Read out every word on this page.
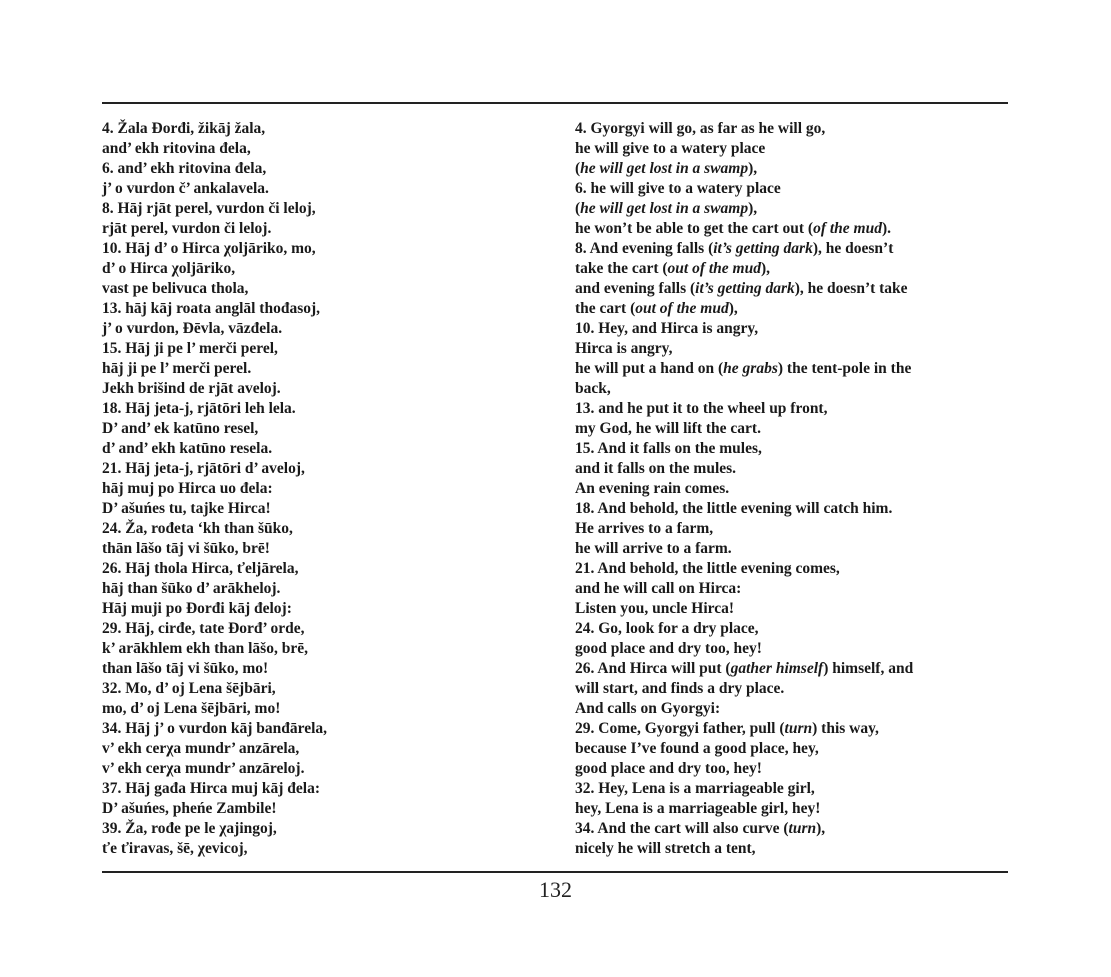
4. Žala Đorđi, žikāj žala,
and’ ekh ritovina đela,
6. and’ ekh ritovina đela,
j’ o vurdon č’ ankalavela.
8. Hāj rjāt perel, vurdon či leloj,
rjāt perel, vurdon či leloj.
10. Hāj d’ o Hirca χoljāriko, mo,
d’ o Hirca χoljāriko,
vast pe belivuca thola,
13. hāj kāj roata anglāl thođasoj,
j’ o vurdon, Đēvla, vāzđela.
15. Hāj ji pe l’ merči perel,
hāj ji pe l’ merči perel.
Jekh brišind de rjāt aveloj.
18. Hāj jeta-j, rjātōri leh lela.
D’ and’ ek katūno resel,
d’ and’ ekh katūno resela.
21. Hāj jeta-j, rjātōri d’ aveloj,
hāj muj po Hirca uo đela:
D’ ašuńes tu, tajke Hirca!
24. Ža, rođeta ‘kh than šūko,
thān lāšo tāj vi šūko, brē!
26. Hāj thola Hirca, ťeljārela,
hāj than šūko d’ arākheloj.
Hāj muji po Đorđi kāj đeloj:
29. Hāj, cirđe, tate Đorđ’ orde,
k’ arākhlem ekh than lāšo, brē,
than lāšo tāj vi šūko, mo!
32. Mo, d’ oj Lena šējbāri,
mo, d’ oj Lena šējbāri, mo!
34. Hāj j’ o vurdon kāj banđārela,
v’ ekh cerχa mundr’ anzārela,
v’ ekh cerχa mundr’ anzāreloj.
37. Hāj gađa Hirca muj kāj đela:
D’ ašuńes, pheńe Zambile!
39. Ža, rođe pe le χajingoj,
ťe ťiravas, šē, χevicoj,
4. Gyorgyi will go, as far as he will go,
he will give to a watery place
(he will get lost in a swamp),
6. he will give to a watery place
(he will get lost in a swamp),
he won’t be able to get the cart out (of the mud).
8. And evening falls (it’s getting dark), he doesn’t
take the cart (out of the mud),
and evening falls (it’s getting dark), he doesn’t take
the cart (out of the mud),
10. Hey, and Hirca is angry,
Hirca is angry,
he will put a hand on (he grabs) the tent-pole in the
back,
13. and he put it to the wheel up front,
my God, he will lift the cart.
15. And it falls on the mules,
and it falls on the mules.
An evening rain comes.
18. And behold, the little evening will catch him.
He arrives to a farm,
he will arrive to a farm.
21. And behold, the little evening comes,
and he will call on Hirca:
Listen you, uncle Hirca!
24. Go, look for a dry place,
good place and dry too, hey!
26. And Hirca will put (gather himself) himself, and
will start, and finds a dry place.
And calls on Gyorgyi:
29. Come, Gyorgyi father, pull (turn) this way,
because I’ve found a good place, hey,
good place and dry too, hey!
32. Hey, Lena is a marriageable girl,
hey, Lena is a marriageable girl, hey!
34. And the cart will also curve (turn),
nicely he will stretch a tent,
132
